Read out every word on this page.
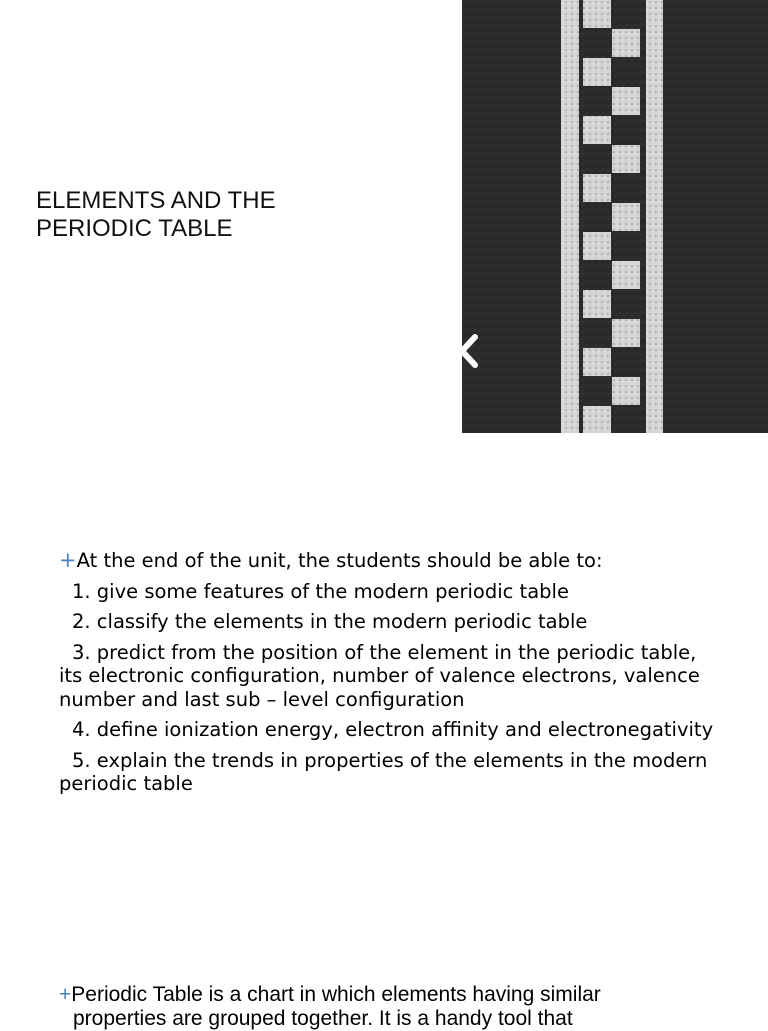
ELEMENTS AND THE PERIODIC TABLE

+At the end of the unit, the students should be able to:

1. give some features of the modern periodic table

2. classify the elements in the modern periodic table

3. predict from the position of the element in the periodic table, its electronic configuration, number of valence electrons, valence number and last sub – level configuration

4. define ionization energy, electron affinity and electronegativity

5. explain the trends in properties of the elements in the modern periodic table

+Periodic Table is a chart in which elements having similar

properties are grouped together. It is a handy tool that
